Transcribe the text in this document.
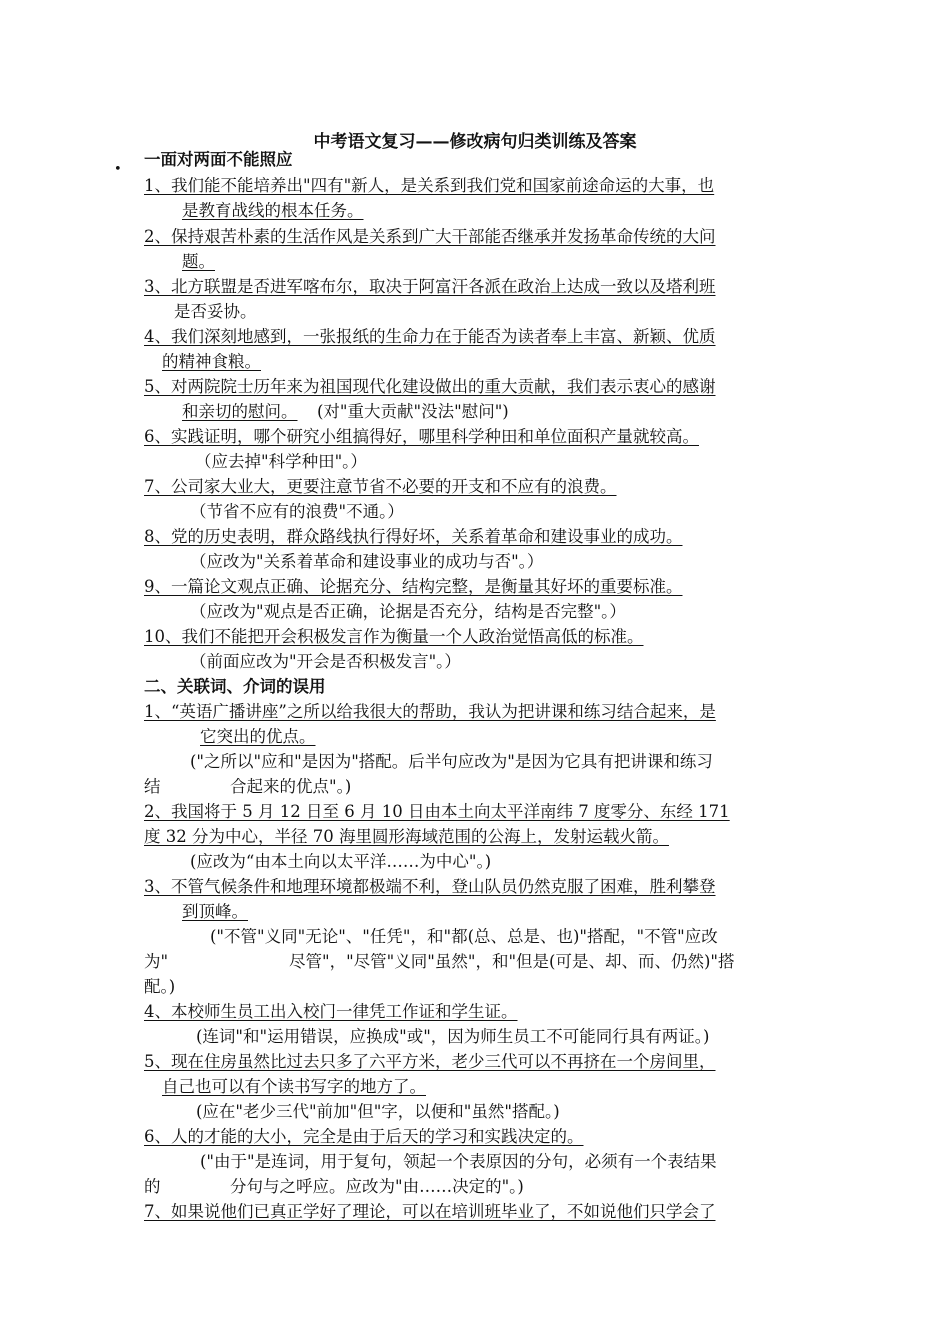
中考语文复习——修改病句归类训练及答案
•
一面对两面不能照应
1、我们能不能培养出"四有"新人，是关系到我们党和国家前途命运的大事，也
是教育战线的根本任务。
2、保持艰苦朴素的生活作风是关系到广大干部能否继承并发扬革命传统的大问
题。
3、北方联盟是否进军喀布尔，取决于阿富汗各派在政治上达成一致以及塔利班
是否妥协。
4、我们深刻地感到，一张报纸的生命力在于能否为读者奉上丰富、新颖、优质
的精神食粮。
5、对两院院士历年来为祖国现代化建设做出的重大贡献，我们表示衷心的感谢
和亲切的慰问。 (对"重大贡献"没法"慰问")
6、实践证明，哪个研究小组搞得好，哪里科学种田和单位面积产量就较高。
（应去掉"科学种田"。）
7、公司家大业大，更要注意节省不必要的开支和不应有的浪费。
（节省不应有的浪费"不通。）
8、党的历史表明，群众路线执行得好坏，关系着革命和建设事业的成功。
（应改为"关系着革命和建设事业的成功与否"。）
9、一篇论文观点正确、论据充分、结构完整，是衡量其好坏的重要标准。
（应改为"观点是否正确，论据是否充分，结构是否完整"。）
10、我们不能把开会积极发言作为衡量一个人政治觉悟高低的标准。
（前面应改为"开会是否积极发言"。）
二、关联词、介词的误用
1、“英语广播讲座”之所以给我很大的帮助，我认为把讲课和练习结合起来，是
它突出的优点。
("之所以"应和"是因为"搭配。后半句应改为"是因为它具有把讲课和练习
结	合起来的优点"。)
2、我国将于 5 月 12 日至 6 月 10 日由本土向太平洋南纬 7 度零分、东经 171
度 32 分为中心，半径 70 海里圆形海域范围的公海上，发射运载火箭。
(应改为“由本土向以太平洋……为中心"。)
3、不管气候条件和地理环境都极端不利，登山队员仍然克服了困难，胜利攀登
到顶峰。
("不管"义同"无论"、"任凭"，和"都(总、总是、也)"搭配，"不管"应改
为"	尽管"，"尽管"义同"虽然"，和"但是(可是、却、而、仍然)"搭
配。)
4、本校师生员工出入校门一律凭工作证和学生证。
(连词"和"运用错误，应换成"或"，因为师生员工不可能同行具有两证。)
5、现在住房虽然比过去只多了六平方米，老少三代可以不再挤在一个房间里，
自己也可以有个读书写字的地方了。
(应在"老少三代"前加"但"字，以便和"虽然"搭配。)
6、人的才能的大小，完全是由于后天的学习和实践决定的。
("由于"是连词，用于复句，领起一个表原因的分句，必须有一个表结果
的	分句与之呼应。应改为"由……决定的"。)
7、如果说他们已真正学好了理论，可以在培训班毕业了，不如说他们只学会了
